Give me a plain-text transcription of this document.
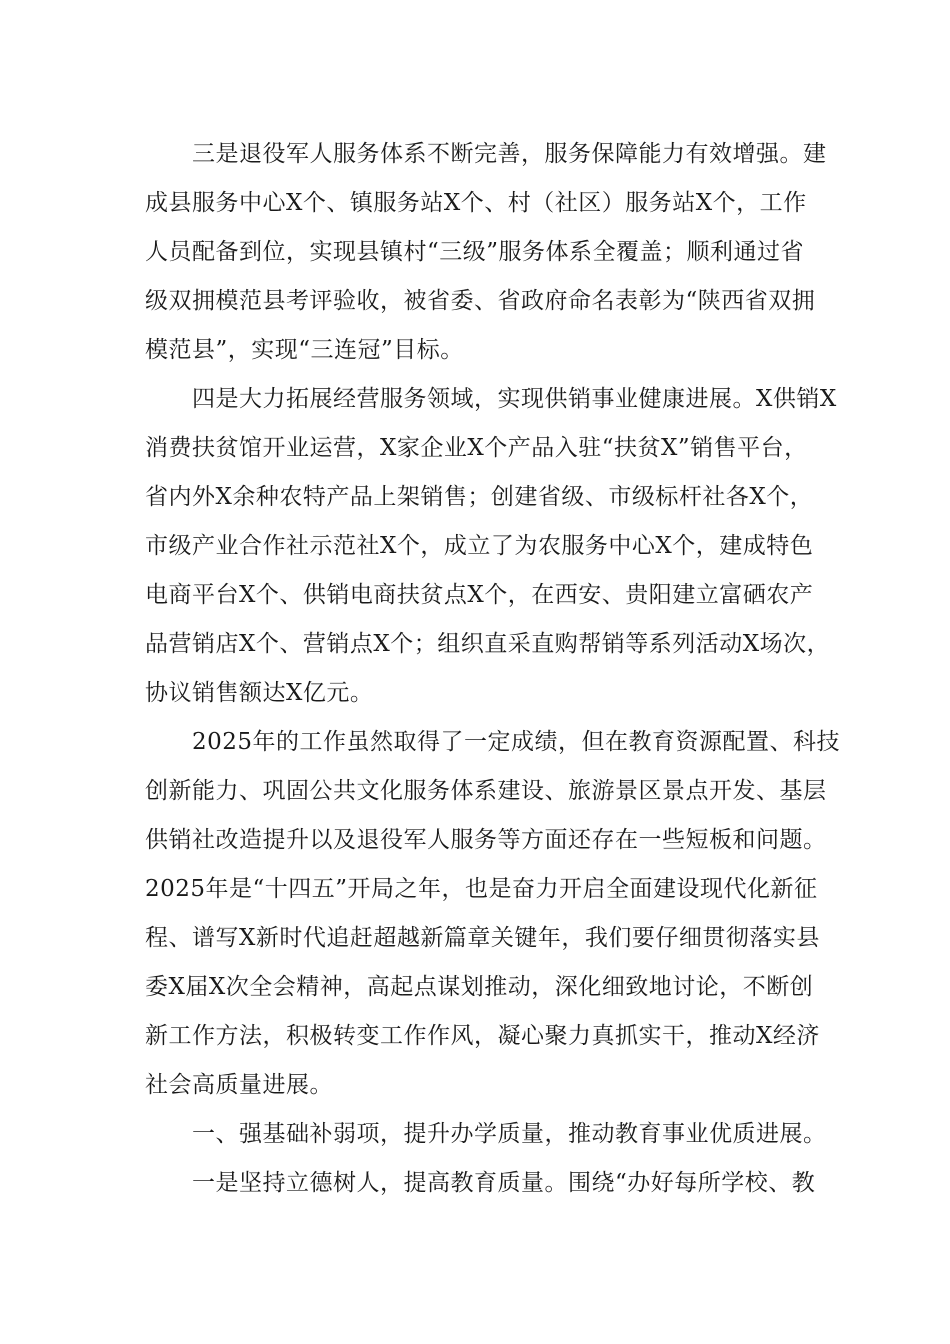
　　三是退役军人服务体系不断完善，服务保障能力有效增强。建
成县服务中心X个、镇服务站X个、村（社区）服务站X个，工作
人员配备到位，实现县镇村“三级”服务体系全覆盖；顺利通过省
级双拥模范县考评验收，被省委、省政府命名表彰为“陕西省双拥
模范县”，实现“三连冠”目标。
　　四是大力拓展经营服务领域，实现供销事业健康进展。X供销X
消费扶贫馆开业运营，X家企业X个产品入驻“扶贫X”销售平台，
省内外X余种农特产品上架销售；创建省级、市级标杆社各X个，
市级产业合作社示范社X个，成立了为农服务中心X个，建成特色
电商平台X个、供销电商扶贫点X个，在西安、贵阳建立富硒农产
品营销店X个、营销点X个；组织直采直购帮销等系列活动X场次，
协议销售额达X亿元。
　　2025年的工作虽然取得了一定成绩，但在教育资源配置、科技
创新能力、巩固公共文化服务体系建设、旅游景区景点开发、基层
供销社改造提升以及退役军人服务等方面还存在一些短板和问题。
2025年是“十四五”开局之年，也是奋力开启全面建设现代化新征
程、谱写X新时代追赶超越新篇章关键年，我们要仔细贯彻落实县
委X届X次全会精神，高起点谋划推动，深化细致地讨论，不断创
新工作方法，积极转变工作作风，凝心聚力真抓实干，推动X经济
社会高质量进展。
　　一、强基础补弱项，提升办学质量，推动教育事业优质进展。
　　一是坚持立德树人，提高教育质量。围绕“办好每所学校、教
